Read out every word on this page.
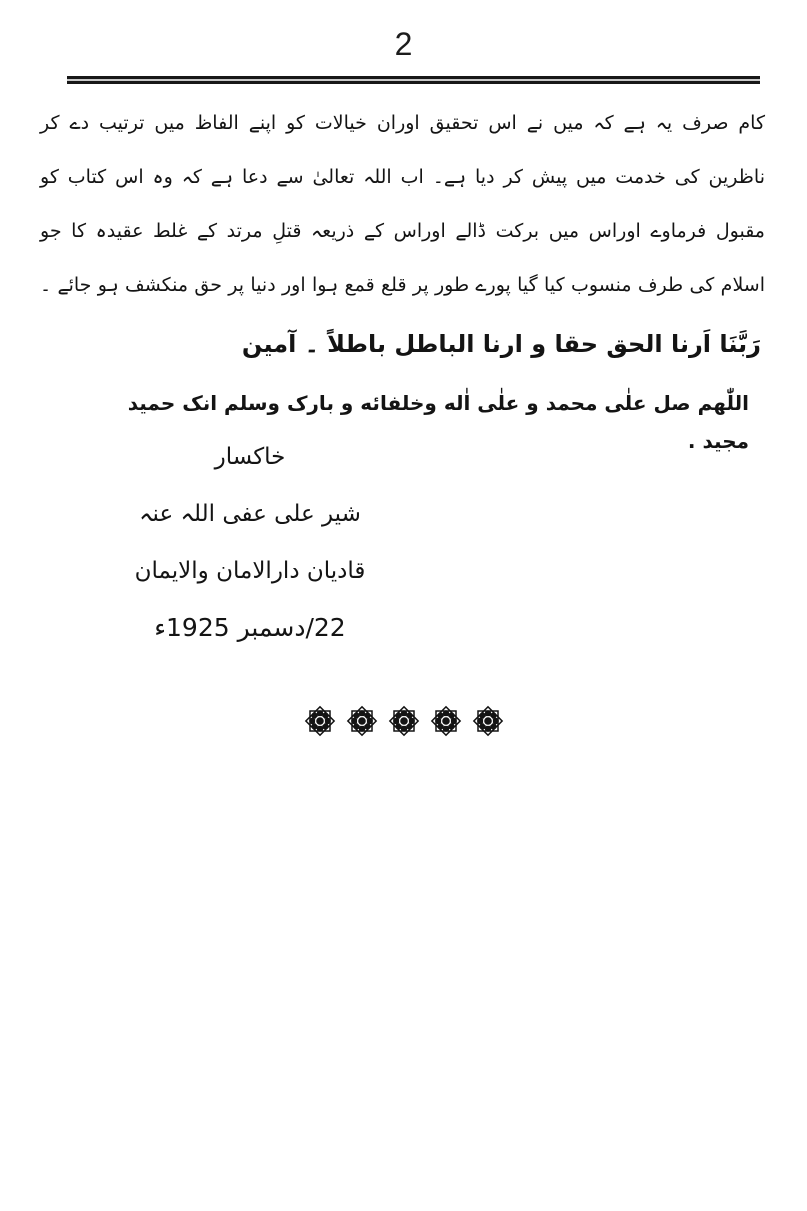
2
کام صرف یہ ہے کہ میں نے اس تحقیق اوران خیالات کو اپنے الفاظ میں ترتیب دے کر
ناظرین کی خدمت میں پیش کر دیا ہے۔ اب اللہ تعالیٰ سے دعا ہے کہ وہ اس کتاب کو
مقبول فرماوے اوراس میں برکت ڈالے اوراس کے ذریعہ قتلِ مرتد کے غلط عقیدہ کا جو
اسلام کی طرف منسوب کیا گیا پورے طور پر قلع قمع ہوا اور دنیا پر حق منکشف ہو جائے ۔
رَبَّنَا اَرنا الحق حقا و ارنا الباطل باطلاً ۔ آمین
اللّٰهم صل علٰی محمد و علٰی اٰله وخلفائه و بارک وسلم انک حمید مجید .
خاکسار
شیر علی عفی اللہ عنہ
قادیان دارالامان والایمان
22/دسمبر 1925ء
